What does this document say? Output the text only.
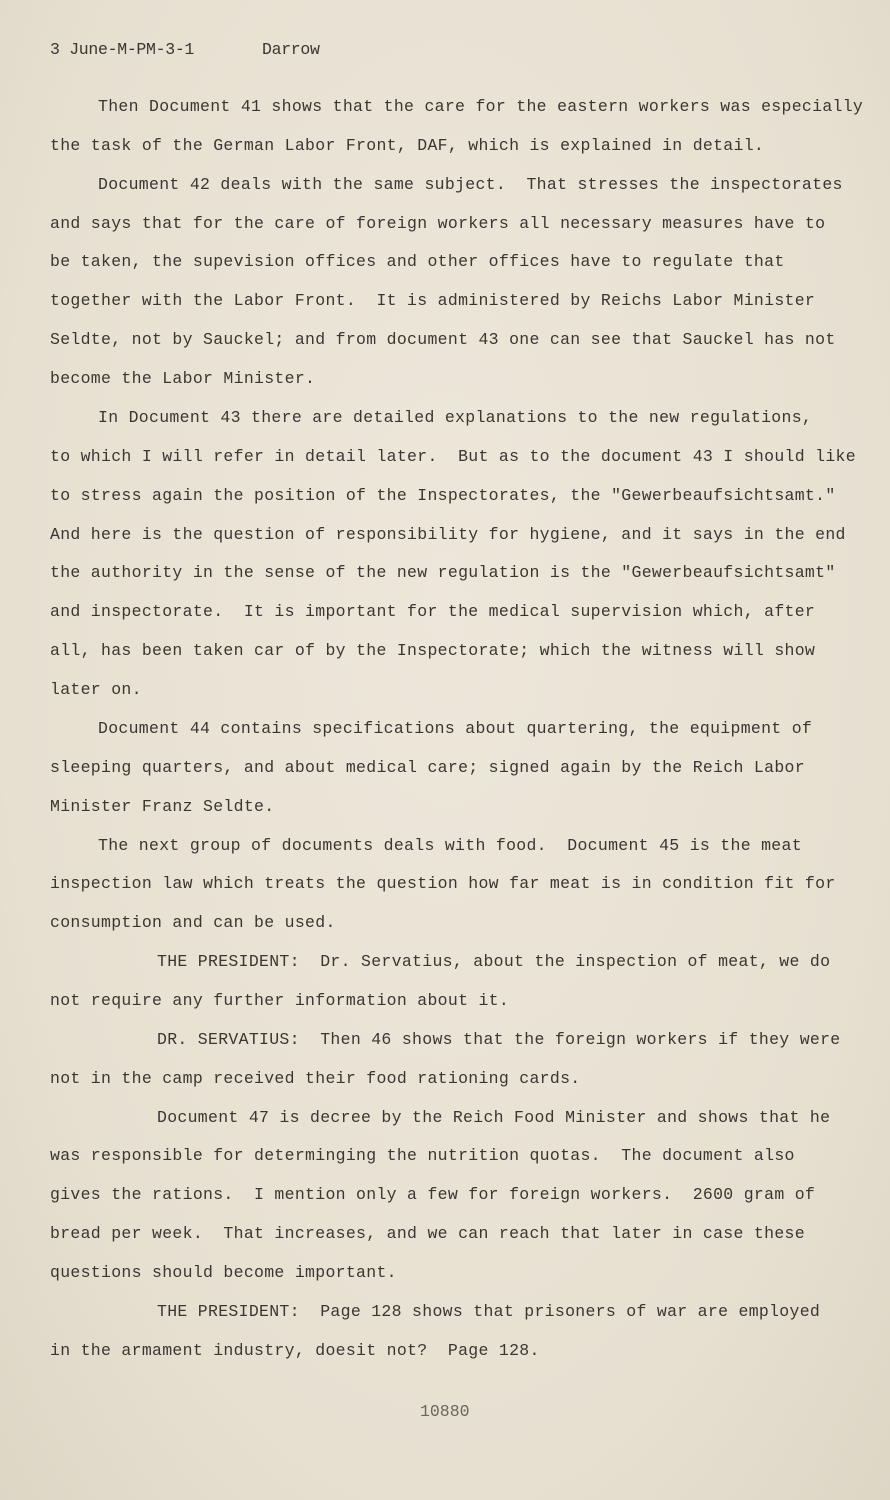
3 June-M-PM-3-1	Darrow
Then Document 41 shows that the care for the eastern workers was especially
the task of the German Labor Front, DAF, which is explained in detail.
Document 42 deals with the same subject.  That stresses the inspectorates
and says that for the care of foreign workers all necessary measures have to
be taken, the supevision offices and other offices have to regulate that
together with the Labor Front.  It is administered by Reichs Labor Minister
Seldte, not by Sauckel; and from document 43 one can see that Sauckel has not
become the Labor Minister.
In Document 43 there are detailed explanations to the new regulations,
to which I will refer in detail later.  But as to the document 43 I should like
to stress again the position of the Inspectorates, the "Gewerbeaufsichtsamt."
And here is the question of responsibility for hygiene, and it says in the end
the authority in the sense of the new regulation is the "Gewerbeaufsichtsamt"
and inspectorate.  It is important for the medical supervision which, after
all, has been taken car of by the Inspectorate; which the witness will show
later on.
Document 44 contains specifications about quartering, the equipment of
sleeping quarters, and about medical care; signed again by the Reich Labor
Minister Franz Seldte.
The next group of documents deals with food.  Document 45 is the meat
inspection law which treats the question how far meat is in condition fit for
consumption and can be used.
THE PRESIDENT:  Dr. Servatius, about the inspection of meat, we do
not require any further information about it.
DR. SERVATIUS:  Then 46 shows that the foreign workers if they were
not in the camp received their food rationing cards.
Document 47 is decree by the Reich Food Minister and shows that he
was responsible for determinging the nutrition quotas.  The document also
gives the rations.  I mention only a few for foreign workers.  2600 gram of
bread per week.  That increases, and we can reach that later in case these
questions should become important.
THE PRESIDENT:  Page 128 shows that prisoners of war are employed
in the armament industry, doesit not?  Page 128.
10880
